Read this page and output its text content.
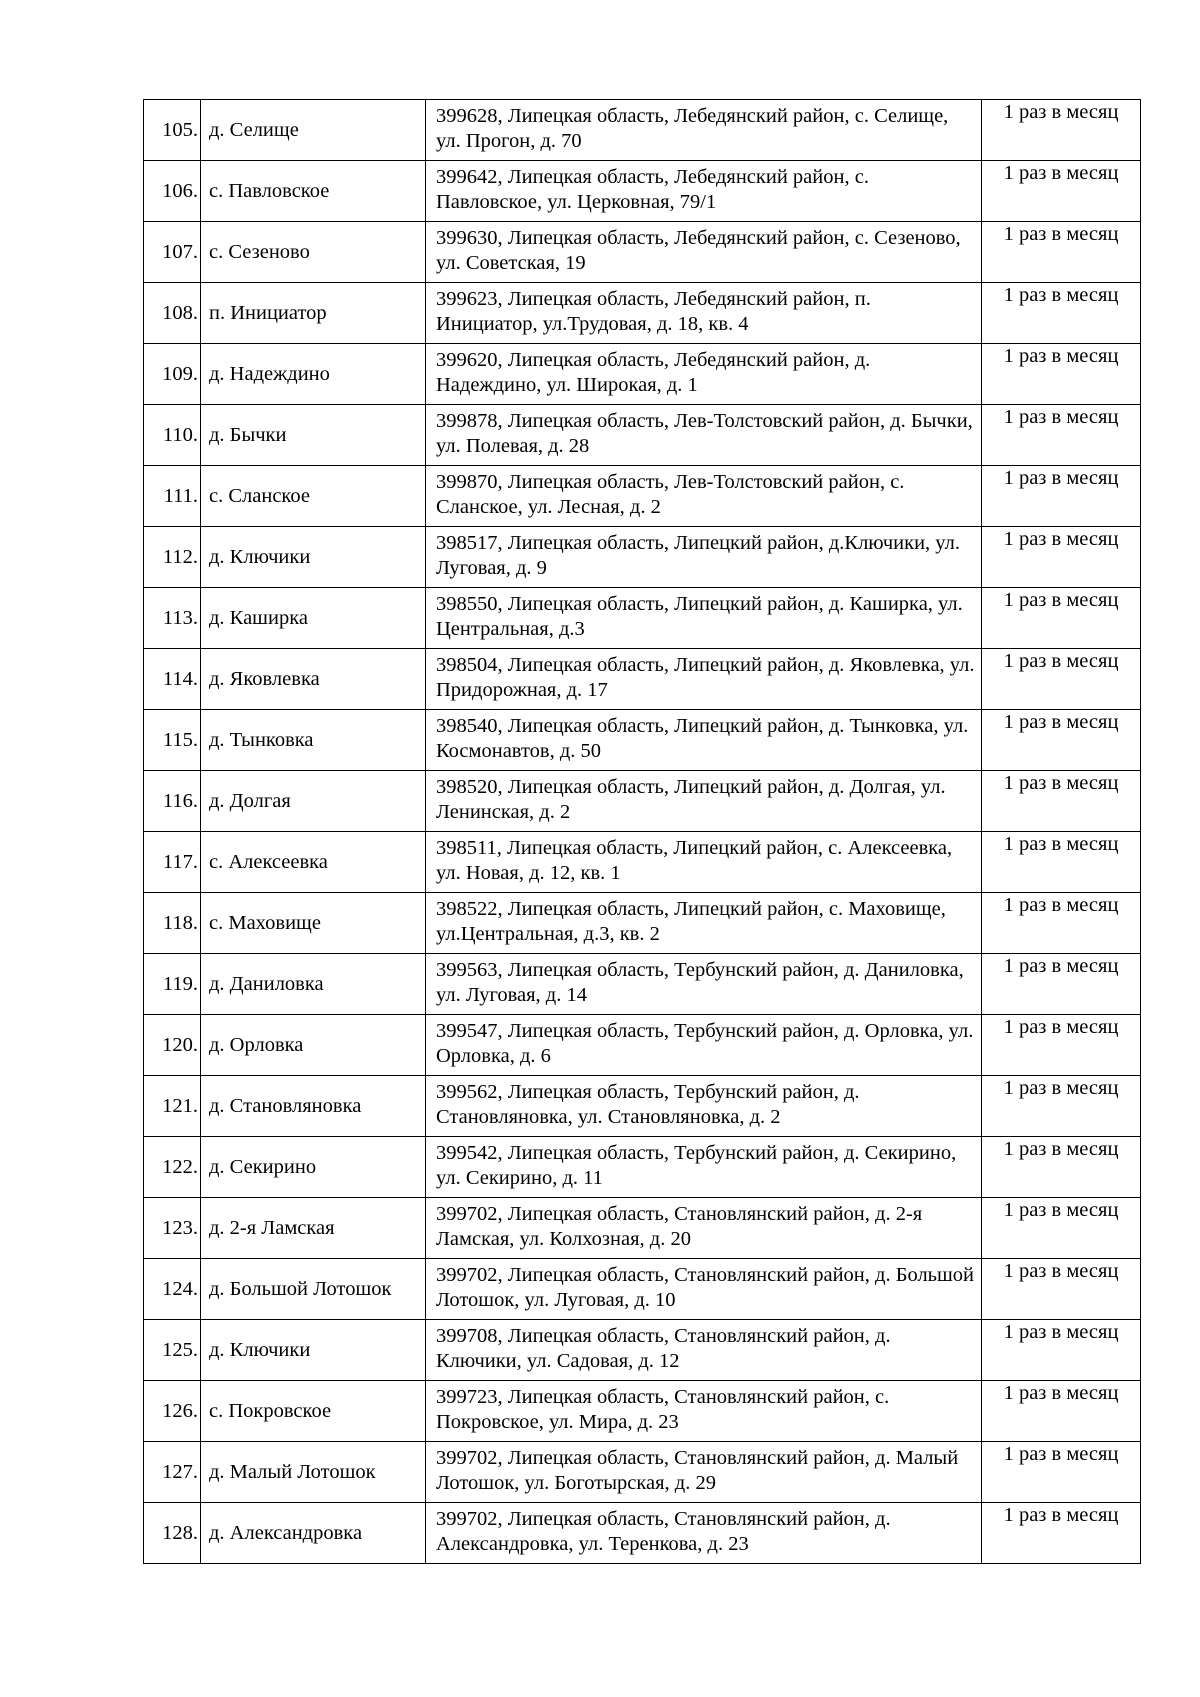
105.	д. Селище	399628, Липецкая область, Лебедянский район, с. Селище, ул. Прогон, д. 70	1 раз в месяц
106.	с. Павловское	399642, Липецкая область, Лебедянский район, с. Павловское, ул. Церковная, 79/1	1 раз в месяц
107.	с. Сезеново	399630, Липецкая область, Лебедянский район, с. Сезеново, ул. Советская, 19	1 раз в месяц
108.	п. Инициатор	399623, Липецкая область, Лебедянский район, п. Инициатор, ул.Трудовая, д. 18, кв. 4	1 раз в месяц
109.	д. Надеждино	399620, Липецкая область, Лебедянский район, д. Надеждино, ул. Широкая, д. 1	1 раз в месяц
110.	д. Бычки	399878, Липецкая область, Лев-Толстовский район, д. Бычки, ул. Полевая, д. 28	1 раз в месяц
111.	с. Сланское	399870, Липецкая область, Лев-Толстовский район, с. Сланское, ул. Лесная, д. 2	1 раз в месяц
112.	д. Ключики	398517, Липецкая область, Липецкий район, д.Ключики, ул. Луговая, д. 9	1 раз в месяц
113.	д. Каширка	398550, Липецкая область, Липецкий район, д. Каширка, ул. Центральная, д.3	1 раз в месяц
114.	д. Яковлевка	398504, Липецкая область, Липецкий район, д. Яковлевка, ул. Придорожная, д. 17	1 раз в месяц
115.	д. Тынковка	398540, Липецкая область, Липецкий район, д. Тынковка, ул. Космонавтов, д. 50	1 раз в месяц
116.	д. Долгая	398520, Липецкая область, Липецкий район, д. Долгая, ул. Ленинская, д. 2	1 раз в месяц
117.	с. Алексеевка	398511, Липецкая область, Липецкий район, с. Алексеевка, ул. Новая, д. 12, кв. 1	1 раз в месяц
118.	с. Маховище	398522, Липецкая область, Липецкий район, с. Маховище, ул.Центральная, д.3, кв. 2	1 раз в месяц
119.	д. Даниловка	399563, Липецкая область, Тербунский район, д. Даниловка, ул. Луговая, д. 14	1 раз в месяц
120.	д. Орловка	399547, Липецкая область, Тербунский район, д. Орловка, ул. Орловка, д. 6	1 раз в месяц
121.	д. Становляновка	399562, Липецкая область, Тербунский район, д. Становляновка, ул. Становляновка, д. 2	1 раз в месяц
122.	д. Секирино	399542, Липецкая область, Тербунский район, д. Секирино, ул. Секирино, д. 11	1 раз в месяц
123.	д. 2-я Ламская	399702, Липецкая область, Становлянский район, д. 2-я Ламская, ул. Колхозная, д. 20	1 раз в месяц
124.	д. Большой Лотошок	399702, Липецкая область, Становлянский район, д. Большой Лотошок, ул. Луговая, д. 10	1 раз в месяц
125.	д. Ключики	399708, Липецкая область, Становлянский район, д. Ключики, ул. Садовая, д. 12	1 раз в месяц
126.	с. Покровское	399723, Липецкая область, Становлянский район, с. Покровское, ул. Мира, д. 23	1 раз в месяц
127.	д. Малый Лотошок	399702, Липецкая область, Становлянский район, д. Малый Лотошок, ул. Боготырская, д. 29	1 раз в месяц
128.	д. Александровка	399702, Липецкая область, Становлянский район, д. Александровка, ул. Теренкова, д. 23	1 раз в месяц
